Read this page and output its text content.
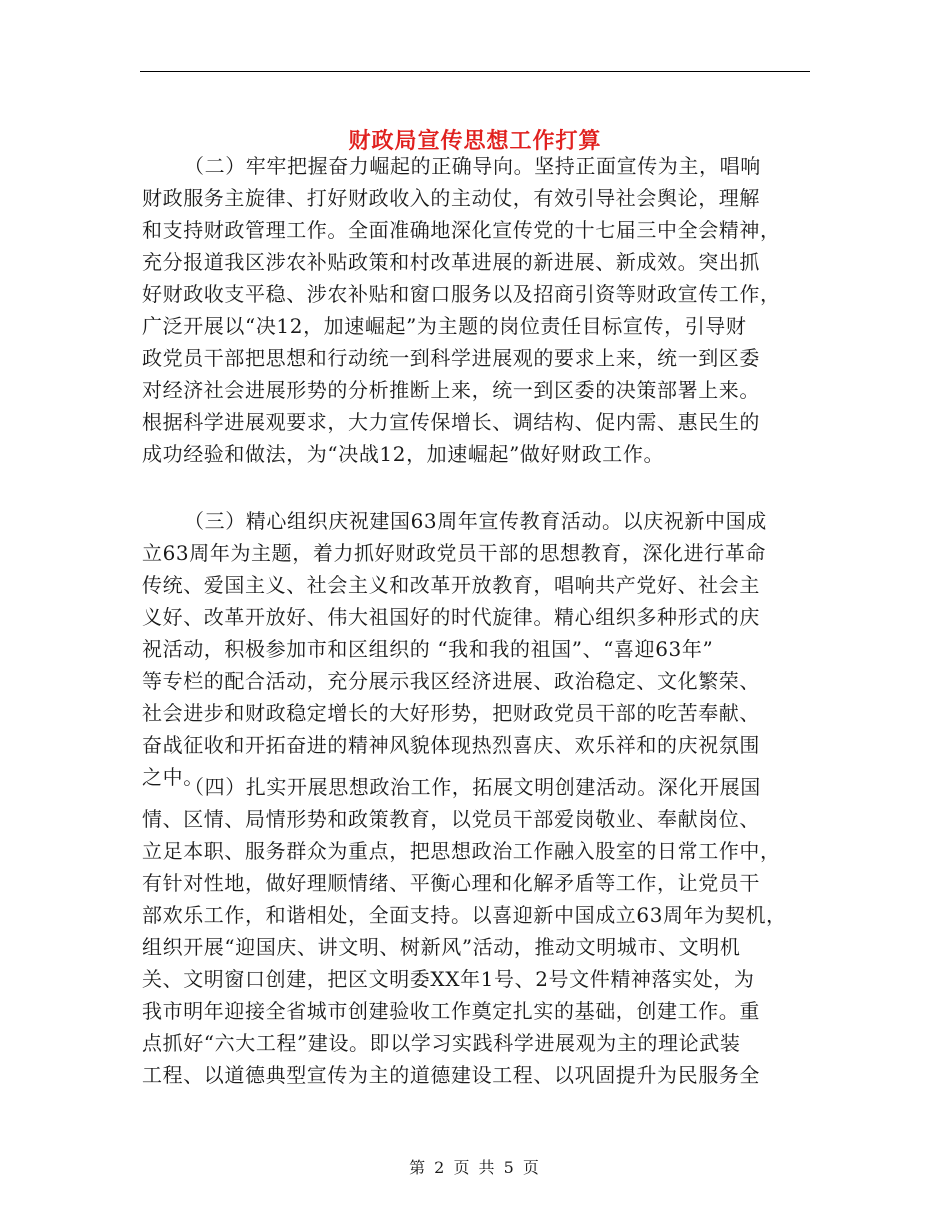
财政局宣传思想工作打算
（二）牢牢把握奋力崛起的正确导向。坚持正面宣传为主，唱响
财政服务主旋律、打好财政收入的主动仗，有效引导社会舆论，理解
和支持财政管理工作。全面准确地深化宣传党的十七届三中全会精神，
充分报道我区涉农补贴政策和村改革进展的新进展、新成效。突出抓
好财政收支平稳、涉农补贴和窗口服务以及招商引资等财政宣传工作，
广泛开展以“决12，加速崛起”为主题的岗位责任目标宣传，引导财
政党员干部把思想和行动统一到科学进展观的要求上来，统一到区委
对经济社会进展形势的分析推断上来，统一到区委的决策部署上来。
根据科学进展观要求，大力宣传保增长、调结构、促内需、惠民生的
成功经验和做法，为“决战12，加速崛起”做好财政工作。
（三）精心组织庆祝建国63周年宣传教育活动。以庆祝新中国成
立63周年为主题，着力抓好财政党员干部的思想教育，深化进行革命
传统、爱国主义、社会主义和改革开放教育，唱响共产党好、社会主
义好、改革开放好、伟大祖国好的时代旋律。精心组织多种形式的庆
祝活动，积极参加市和区组织的 “我和我的祖国”、“喜迎63年”
等专栏的配合活动，充分展示我区经济进展、政治稳定、文化繁荣、
社会进步和财政稳定增长的大好形势，把财政党员干部的吃苦奉献、
奋战征收和开拓奋进的精神风貌体现热烈喜庆、欢乐祥和的庆祝氛围
之中。
（四）扎实开展思想政治工作，拓展文明创建活动。深化开展国
情、区情、局情形势和政策教育，以党员干部爱岗敬业、奉献岗位、
立足本职、服务群众为重点，把思想政治工作融入股室的日常工作中，
有针对性地，做好理顺情绪、平衡心理和化解矛盾等工作，让党员干
部欢乐工作，和谐相处，全面支持。以喜迎新中国成立63周年为契机，
组织开展“迎国庆、讲文明、树新风”活动，推动文明城市、文明机
关、文明窗口创建，把区文明委XX年1号、2号文件精神落实处，为
我市明年迎接全省城市创建验收工作奠定扎实的基础，创建工作。重
点抓好“六大工程”建设。即以学习实践科学进展观为主的理论武装
工程、以道德典型宣传为主的道德建设工程、以巩固提升为民服务全
第 2 页 共 5 页
